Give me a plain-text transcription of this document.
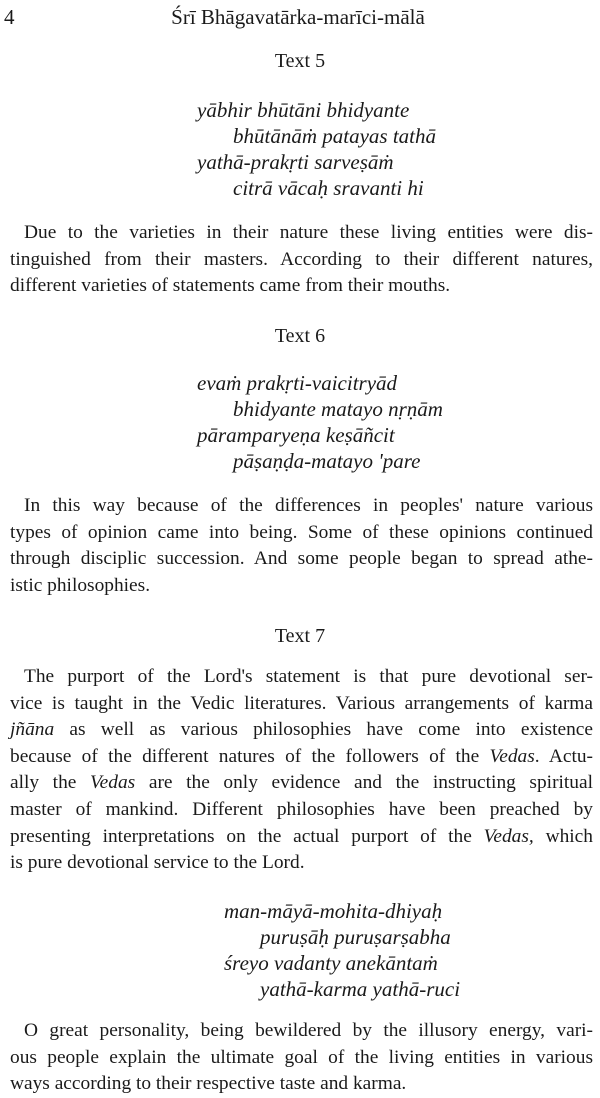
4	Śrī Bhāgavatārka-marīci-mālā
Text 5
yābhir bhūtāni bhidyante
bhūtānāṁ patayas tathā
yathā-prakṛti sarveṣāṁ
citrā vācaḥ sravanti hi
Due to the varieties in their nature these living entities were dis-
tinguished from their masters. According to their different natures,
different varieties of statements came from their mouths.
Text 6
evaṁ prakṛti-vaicitryād
bhidyante matayo nṛṇām
pāramparyeṇa keṣāñcit
pāṣaṇḍa-matayo 'pare
In this way because of the differences in peoples' nature various
types of opinion came into being. Some of these opinions continued
through disciplic succession. And some people began to spread athe-
istic philosophies.
Text 7
The purport of the Lord's statement is that pure devotional ser-
vice is taught in the Vedic literatures. Various arrangements of karma
jñāna as well as various philosophies have come into existence
because of the different natures of the followers of the Vedas. Actu-
ally the Vedas are the only evidence and the instructing spiritual
master of mankind. Different philosophies have been preached by
presenting interpretations on the actual purport of the Vedas, which
is pure devotional service to the Lord.
man-māyā-mohita-dhiyaḥ
puruṣāḥ puruṣarṣabha
śreyo vadanty anekāntaṁ
yathā-karma yathā-ruci
O great personality, being bewildered by the illusory energy, vari-
ous people explain the ultimate goal of the living entities in various
ways according to their respective taste and karma.
